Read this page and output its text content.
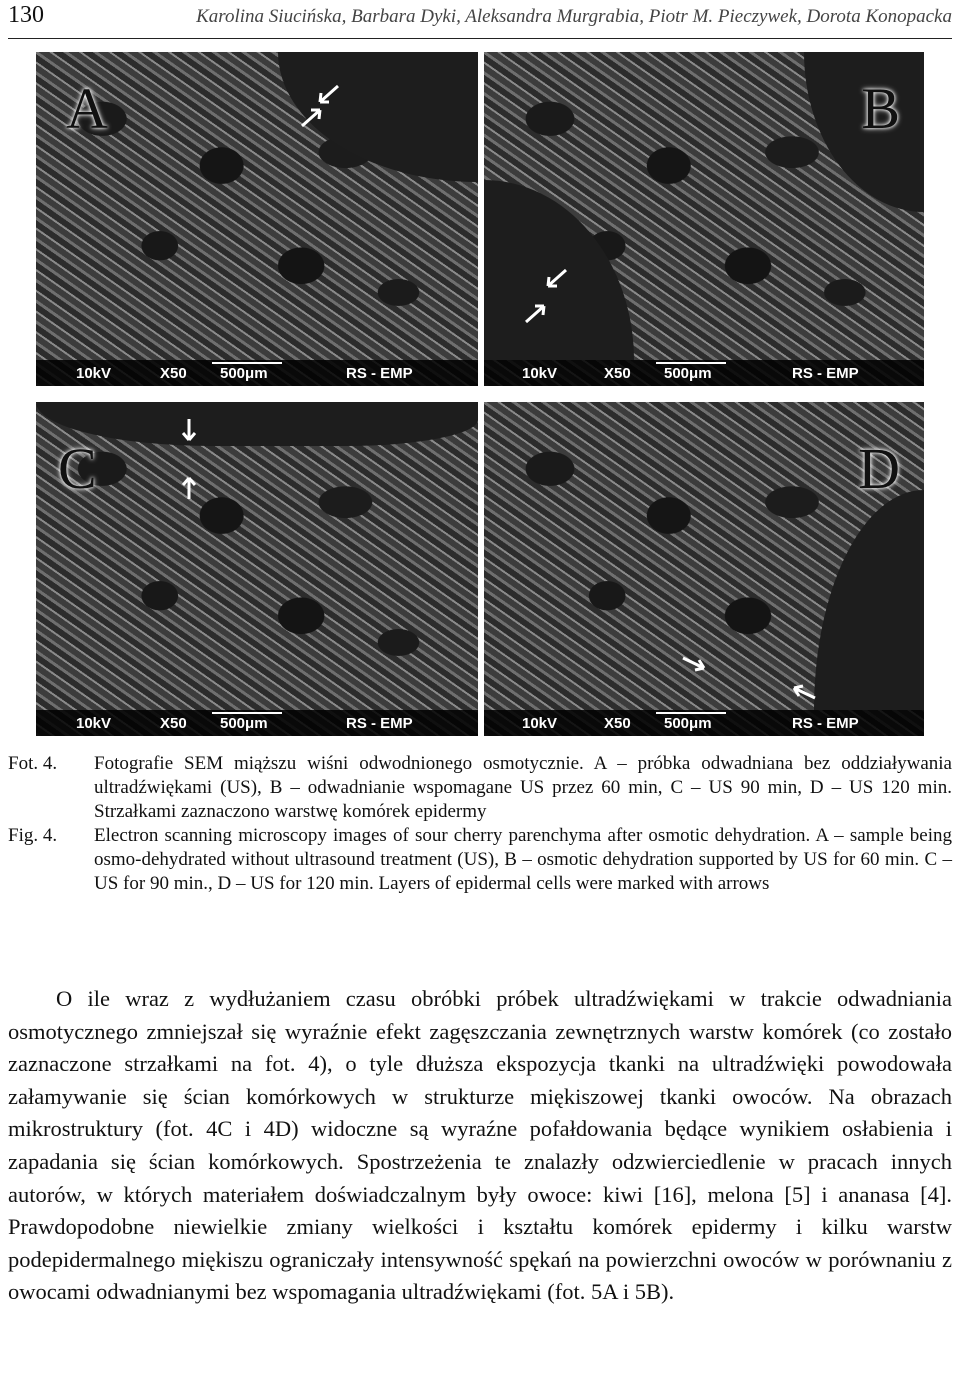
130	Karolina Siucińska, Barbara Dyki, Aleksandra Murgrabia, Piotr M. Pieczywek, Dorota Konopacka
A
10kV	X50 500μm	RS - EMP
B
10kV	X50 500μm	RS - EMP
C
10kV	X50 500μm	RS - EMP
D
10kV	X50 500μm	RS - EMP
Fot. 4. Fotografie SEM miąższu wiśni odwodnionego osmotycznie. A – próbka odwadniana bez oddziaływania ultradźwiękami (US), B – odwadnianie wspomagane US przez 60 min, C – US 90 min, D – US 120 min. Strzałkami zaznaczono warstwę komórek epidermy
Fig. 4. Electron scanning microscopy images of sour cherry parenchyma after osmotic dehydration. A – sample being osmo-dehydrated without ultrasound treatment (US), B – osmotic dehydration supported by US for 60 min. C – US for 90 min., D – US for 120 min. Layers of epidermal cells were marked with arrows

O ile wraz z wydłużaniem czasu obróbki próbek ultradźwiękami w trakcie odwadniania osmotycznego zmniejszał się wyraźnie efekt zagęszczania zewnętrznych warstw komórek (co zostało zaznaczone strzałkami na fot. 4), o tyle dłuższa ekspozycja tkanki na ultradźwięki powodowała załamywanie się ścian komórkowych w strukturze miękiszowej tkanki owoców. Na obrazach mikrostruktury (fot. 4C i 4D) widoczne są wyraźne pofałdowania będące wynikiem osłabienia i zapadania się ścian komórkowych. Spostrzeżenia te znalazły odzwierciedlenie w pracach innych autorów, w których materiałem doświadczalnym były owoce: kiwi [16], melona [5] i ananasa [4]. Prawdopodobne niewielkie zmiany wielkości i kształtu komórek epidermy i kilku warstw podepidermalnego miękiszu ograniczały intensywność spękań na powierzchni owoców w porównaniu z owocami odwadnianymi bez wspomagania ultradźwiękami (fot. 5A i 5B).
